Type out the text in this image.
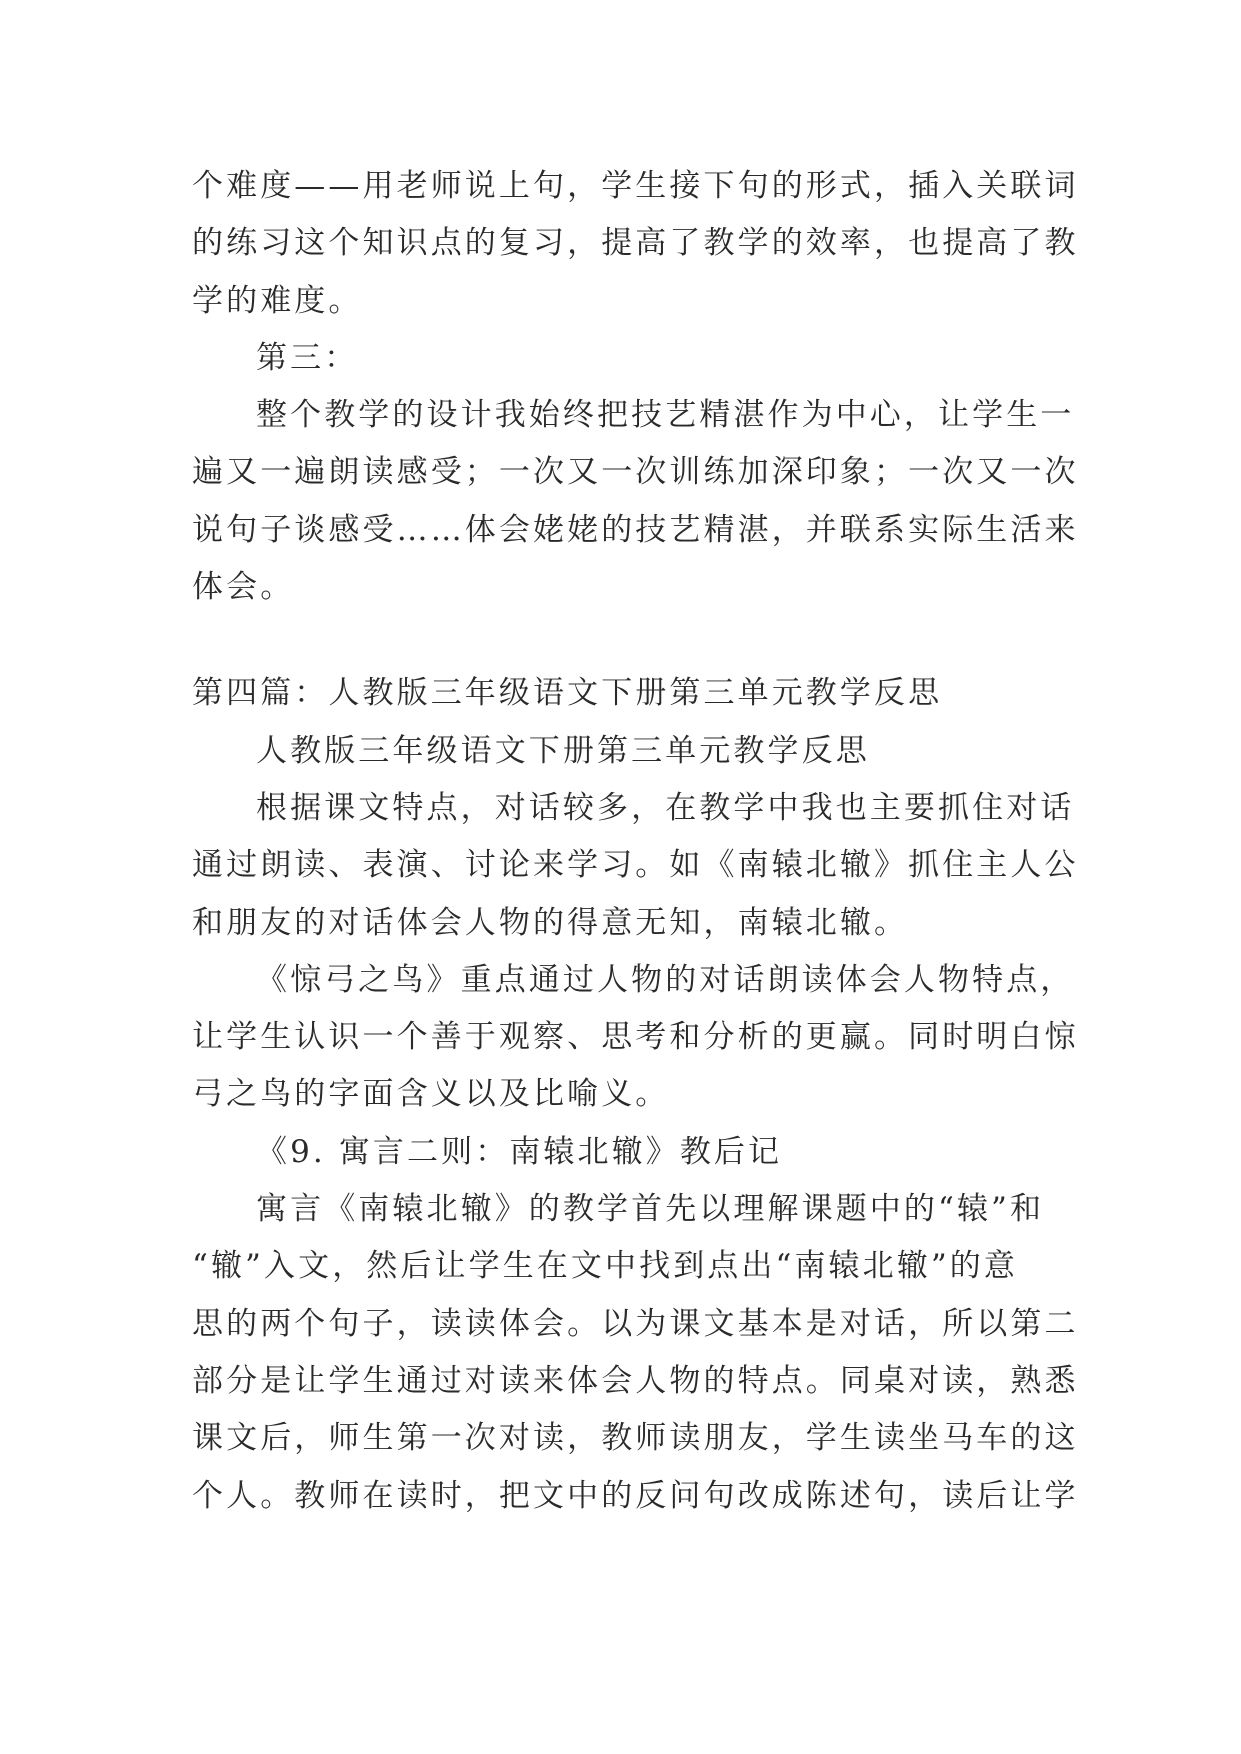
个难度——用老师说上句，学生接下句的形式，插入关联词
的练习这个知识点的复习，提高了教学的效率，也提高了教
学的难度。
第三：
整个教学的设计我始终把技艺精湛作为中心，让学生一
遍又一遍朗读感受；一次又一次训练加深印象；一次又一次
说句子谈感受……体会姥姥的技艺精湛，并联系实际生活来
体会。
第四篇：人教版三年级语文下册第三单元教学反思
人教版三年级语文下册第三单元教学反思
根据课文特点，对话较多，在教学中我也主要抓住对话
通过朗读、表演、讨论来学习。如《南辕北辙》抓住主人公
和朋友的对话体会人物的得意无知，南辕北辙。
《惊弓之鸟》重点通过人物的对话朗读体会人物特点，
让学生认识一个善于观察、思考和分析的更赢。同时明白惊
弓之鸟的字面含义以及比喻义。
《9. 寓言二则：南辕北辙》教后记
寓言《南辕北辙》的教学首先以理解课题中的“辕”和
“辙”入文，然后让学生在文中找到点出“南辕北辙”的意
思的两个句子，读读体会。以为课文基本是对话，所以第二
部分是让学生通过对读来体会人物的特点。同桌对读，熟悉
课文后，师生第一次对读，教师读朋友，学生读坐马车的这
个人。教师在读时，把文中的反问句改成陈述句，读后让学
